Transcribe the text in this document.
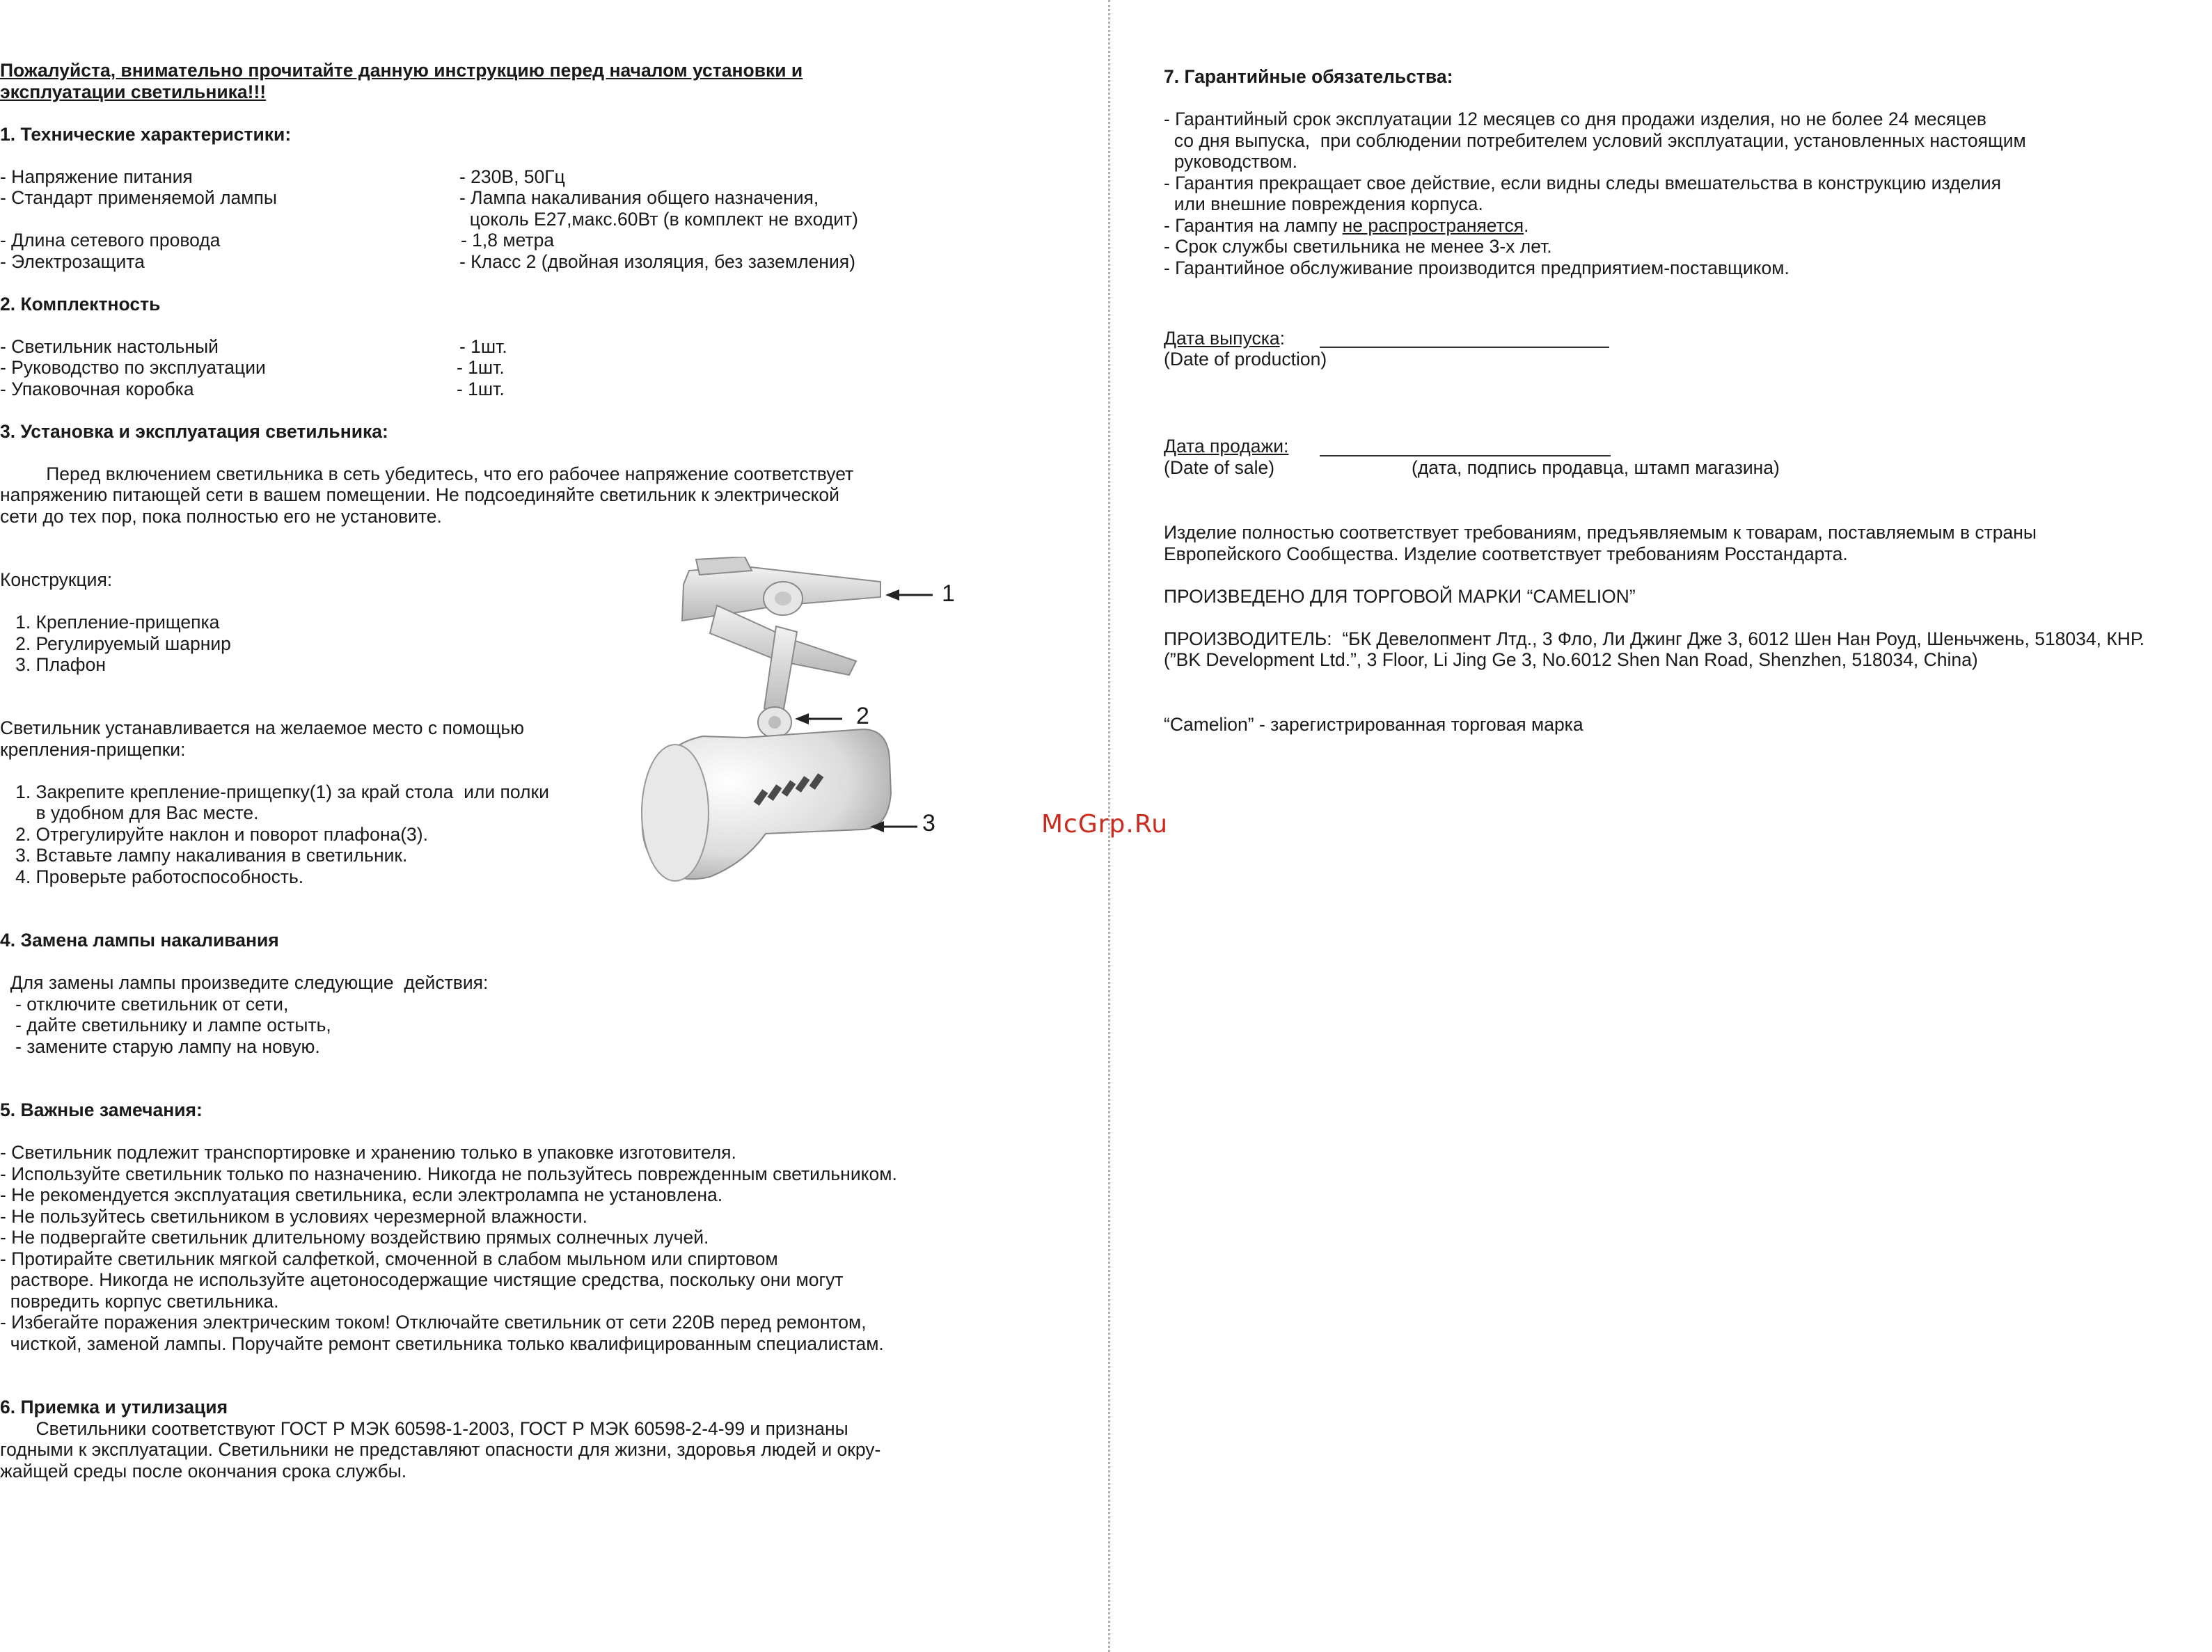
Пожалуйста, внимательно прочитайте данную инструкцию перед началом установки и
эксплуатации светильника!!!
1. Технические характеристики:
- Напряжение питания
- Стандарт применяемой лампы
- Длина сетевого провода
- Электрозащита
- 230В, 50Гц
- Лампа накаливания общего назначения,
цоколь Е27,макс.60Вт (в комплект не входит)
- 1,8 метра
- Класс 2 (двойная изоляция, без заземления)
2. Комплектность
- Светильник настольный
- Руководство по эксплуатации
- Упаковочная коробка
- 1шт.
- 1шт.
- 1шт.
3. Установка и эксплуатация светильника:
Перед включением светильника в сеть убедитесь, что его рабочее напряжение соответствует
напряжению питающей сети в вашем помещении. Не подсоединяйте светильник к электрической
сети до тех пор, пока полностью его не установите.
Конструкция:
1. Крепление-прищепка
2. Регулируемый шарнир
3. Плафон
Светильник устанавливается на желаемое место с помощью
крепления-прищепки:
1. Закрепите крепление-прищепку(1) за край стола  или полки
в удобном для Вас месте.
2. Отрегулируйте наклон и поворот плафона(3).
3. Вставьте лампу накаливания в светильник.
4. Проверьте работоспособность.
4. Замена лампы накаливания
Для замены лампы произведите следующие  действия:
- отключите светильник от сети,
- дайте светильнику и лампе остыть,
- замените старую лампу на новую.
5. Важные замечания:
- Светильник подлежит транспортировке и хранению только в упаковке изготовителя.
- Используйте светильник только по назначению. Никогда не пользуйтесь поврежденным светильником.
- Не рекомендуется эксплуатация светильника, если электролампа не установлена.
- Не пользуйтесь светильником в условиях черезмерной влажности.
- Не подвергайте светильник длительному воздействию прямых солнечных лучей.
- Протирайте светильник мягкой салфеткой, смоченной в слабом мыльном или спиртовом
растворе. Никогда не используйте ацетоносодержащие чистящие средства, поскольку они могут
повредить корпус светильника.
- Избегайте поражения электрическим током! Отключайте светильник от сети 220В перед ремонтом,
чисткой, заменой лампы. Поручайте ремонт светильника только квалифицированным специалистам.
6. Приемка и утилизация
Светильники соответствуют ГОСТ Р МЭК 60598-1-2003, ГОСТ Р МЭК 60598-2-4-99 и признаны
годными к эксплуатации. Светильники не представляют опасности для жизни, здоровья людей и окру-
жайщей среды после окончания срока службы.
1
2
3	McGrp.Ru
7. Гарантийные обязательства:
- Гарантийный срок эксплуатации 12 месяцев со дня продажи изделия, но не более 24 месяцев
со дня выпуска,  при соблюдении потребителем условий эксплуатации, установленных настоящим
руководством.
- Гарантия прекращает свое действие, если видны следы вмешательства в конструкцию изделия
или внешние повреждения корпуса.
- Гарантия на лампу не распространяется.
- Срок службы светильника не менее 3-х лет.
- Гарантийное обслуживание производится предприятием-поставщиком.
Дата выпуска:
(Date of production)
Дата продажи:
(Date of sale)	(дата, подпись продавца, штамп магазина)
Изделие полностью соответствует требованиям, предъявляемым к товарам, поставляемым в страны
Европейского Сообщества. Изделие соответствует требованиям Росстандарта.
ПРОИЗВЕДЕНО ДЛЯ ТОРГОВОЙ МАРКИ “CAMELION”
ПРОИЗВОДИТЕЛЬ:  “БК Девелопмент Лтд., 3 Фло, Ли Джинг Дже 3, 6012 Шен Нан Роуд, Шеньчжень, 518034, КНР.
(”BK Development Ltd.”, 3 Floor, Li Jing Ge 3, No.6012 Shen Nan Road, Shenzhen, 518034, China)
“Camelion” - зарегистрированная торговая марка
